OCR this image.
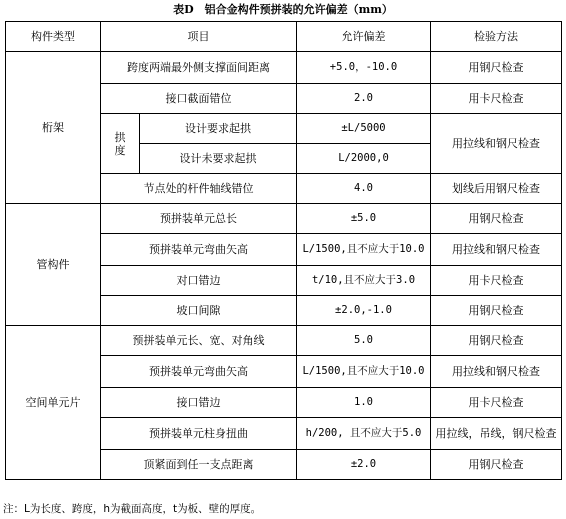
表D　铝合金构件预拼装的允许偏差（mm）
构件类型	项目		允许偏差	检验方法
桁架	跨度两端最外侧支撑面间距离		+5.0，-10.0	用钢尺检查
	接口截面错位		2.0	用卡尺检查
	拱度	设计要求起拱	±L/5000	用拉线和钢尺检查
		设计未要求起拱	L/2000,0	
	节点处的杆件轴线错位		4.0	划线后用钢尺检查
管构件	预拼装单元总长		±5.0	用钢尺检查
	预拼装单元弯曲矢高		L/1500,且不应大于10.0	用拉线和钢尺检查
	对口错边		t/10,且不应大于3.0	用卡尺检查
	坡口间隙		±2.0,-1.0	用钢尺检查
空间单元片	预拼装单元长、宽、对角线		5.0	用钢尺检查
	预拼装单元弯曲矢高		L/1500,且不应大于10.0	用拉线和钢尺检查
	接口错边		1.0	用卡尺检查
	预拼装单元柱身扭曲		h/200, 且不应大于5.0	用拉线，吊线，钢尺检查
	顶紧面到任一支点距离		±2.0	用钢尺检查
注：L为长度、跨度，h为截面高度，t为板、壁的厚度。
